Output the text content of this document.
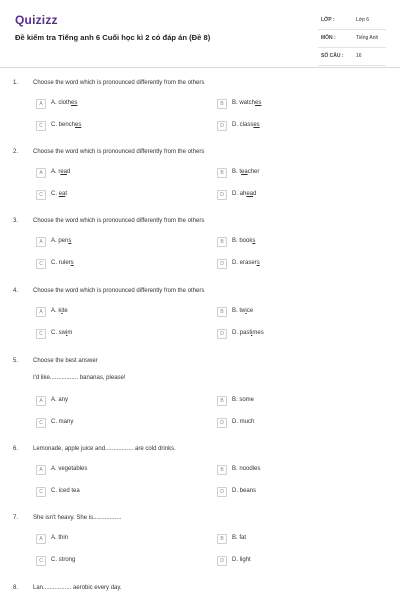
Quizizz
Đề kiểm tra Tiếng anh 6 Cuối học kì 2 có đáp án (Đề 8)
LỚP :	Lớp 6
MÔN :	Tiếng Anh
SỐ CÂU :	16
1. Choose the word which is pronounced differently from the others
A	A. clothes	B	B. watches
C	C. benches	D	D. classes
2. Choose the word which is pronounced differently from the others
A	A. read	B	B. teacher
C	C. eat	D	D. ahead
3. Choose the word which is pronounced differently from the others
A	A. pens	B	B. books
C	C. rulers	D	D. erasers
4. Choose the word which is pronounced differently from the others
A	A. kite	B	B. twice
C	C. swim	D	D. pastimes
5. Choose the best answer
I'd like................. bananas, please!
A	A. any	B	B. some
C	C. many	D	D. much
6. Lemonade, apple juice and................. are cold drinks.
A	A. vegetables	B	B. noodles
C	C. iced tea	D	D. beans
7. She isn't heavy. She is.................
A	A. thin	B	B. fat
C	C. strong	D	D. light
8. Lan................. aerobic every day.
